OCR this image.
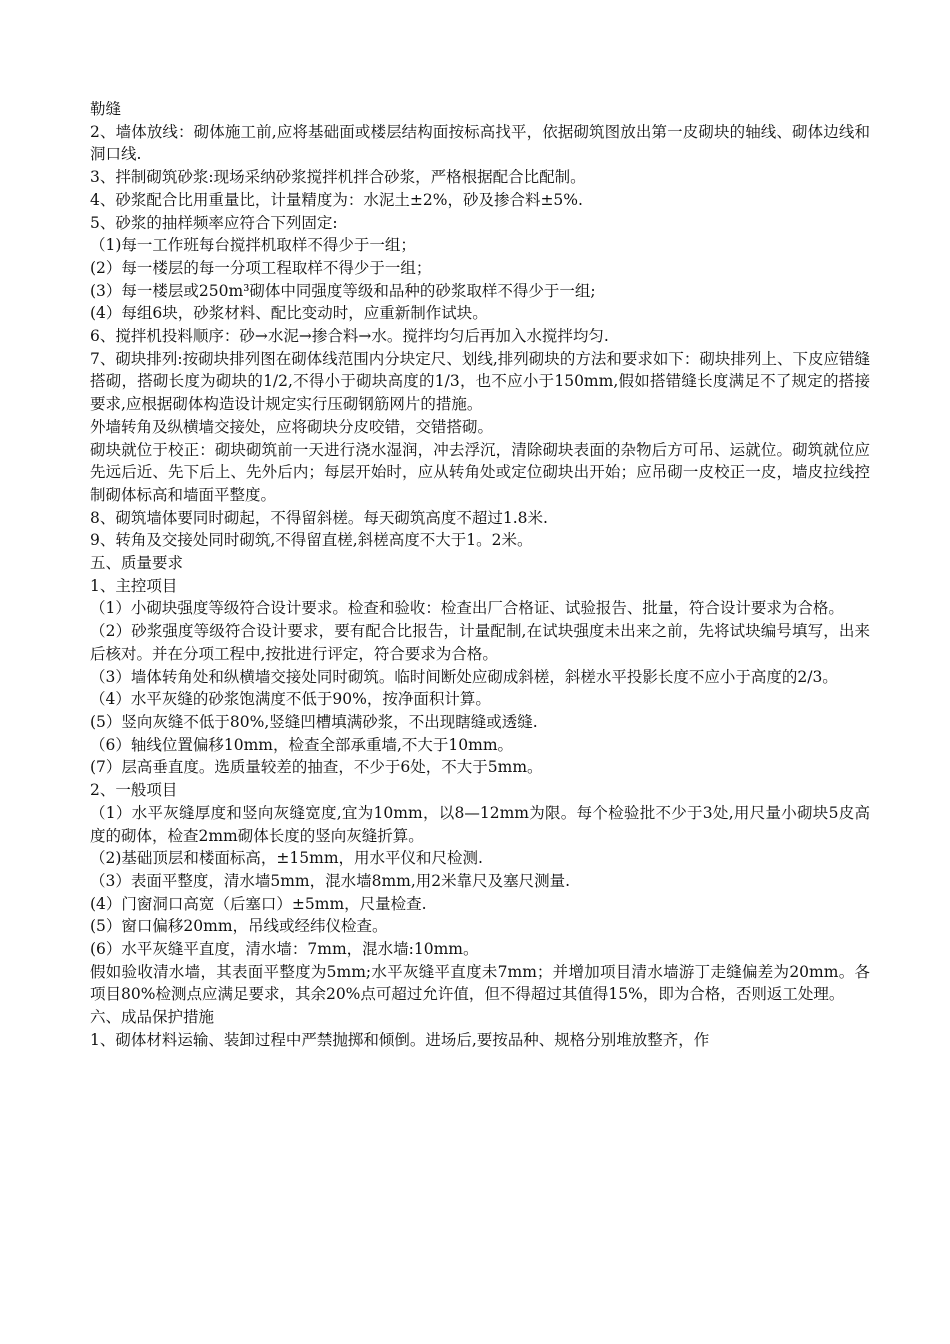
勒缝

2、墙体放线：砌体施工前,应将基础面或楼层结构面按标高找平，依据砌筑图放出第一皮砌块的轴线、砌体边线和洞口线.

3、拌制砌筑砂浆:现场采纳砂浆搅拌机拌合砂浆，严格根据配合比配制。

4、砂浆配合比用重量比，计量精度为：水泥土±2%，砂及掺合料±5%.

5、砂浆的抽样频率应符合下列固定:

（1)每一工作班每台搅拌机取样不得少于一组；

(2）每一楼层的每一分项工程取样不得少于一组；

(3）每一楼层或250m³砌体中同强度等级和品种的砂浆取样不得少于一组;

(4）每组6块，砂浆材料、配比变动时，应重新制作试块。

6、搅拌机投料顺序：砂→水泥→掺合料→水。搅拌均匀后再加入水搅拌均匀.

7、砌块排列:按砌块排列图在砌体线范围内分块定尺、划线,排列砌块的方法和要求如下：砌块排列上、下皮应错缝搭砌，搭砌长度为砌块的1/2,不得小于砌块高度的1/3，也不应小于150mm,假如搭错缝长度满足不了规定的搭接要求,应根据砌体构造设计规定实行压砌钢筋网片的措施。

外墙转角及纵横墙交接处，应将砌块分皮咬错，交错搭砌。

砌块就位于校正：砌块砌筑前一天进行浇水湿润，冲去浮沉，清除砌块表面的杂物后方可吊、运就位。砌筑就位应先远后近、先下后上、先外后内；每层开始时，应从转角处或定位砌块出开始；应吊砌一皮校正一皮，墙皮拉线控制砌体标高和墙面平整度。

8、砌筑墙体要同时砌起，不得留斜槎。每天砌筑高度不超过1.8米.

9、转角及交接处同时砌筑,不得留直槎,斜槎高度不大于1。2米。

五、质量要求

1、主控项目

（1）小砌块强度等级符合设计要求。检查和验收：检查出厂合格证、试验报告、批量，符合设计要求为合格。

（2）砂浆强度等级符合设计要求，要有配合比报告，计量配制,在试块强度未出来之前，先将试块编号填写，出来后核对。并在分项工程中,按批进行评定，符合要求为合格。

（3）墙体转角处和纵横墙交接处同时砌筑。临时间断处应砌成斜槎，斜槎水平投影长度不应小于高度的2/3。

（4）水平灰缝的砂浆饱满度不低于90%，按净面积计算。

(5）竖向灰缝不低于80%,竖缝凹槽填满砂浆，不出现瞎缝或透缝.

（6）轴线位置偏移10mm，检查全部承重墙,不大于10mm。

(7）层高垂直度。选质量较差的抽查，不少于6处，不大于5mm。

2、一般项目

（1）水平灰缝厚度和竖向灰缝宽度,宜为10mm，以8—12mm为限。每个检验批不少于3处,用尺量小砌块5皮高度的砌体，检查2mm砌体长度的竖向灰缝折算。

（2)基础顶层和楼面标高，±15mm，用水平仪和尺检测.

（3）表面平整度，清水墙5mm，混水墙8mm,用2米靠尺及塞尺测量.

(4）门窗洞口高宽（后塞口）±5mm，尺量检查.

(5）窗口偏移20mm，吊线或经纬仪检查。

(6）水平灰缝平直度，清水墙：7mm，混水墙:10mm。

假如验收清水墙，其表面平整度为5mm;水平灰缝平直度未7mm；并增加项目清水墙游丁走缝偏差为20mm。各项目80%检测点应满足要求，其余20%点可超过允许值，但不得超过其值得15%，即为合格，否则返工处理。

六、成品保护措施

1、砌体材料运输、装卸过程中严禁抛掷和倾倒。进场后,要按品种、规格分别堆放整齐，作
